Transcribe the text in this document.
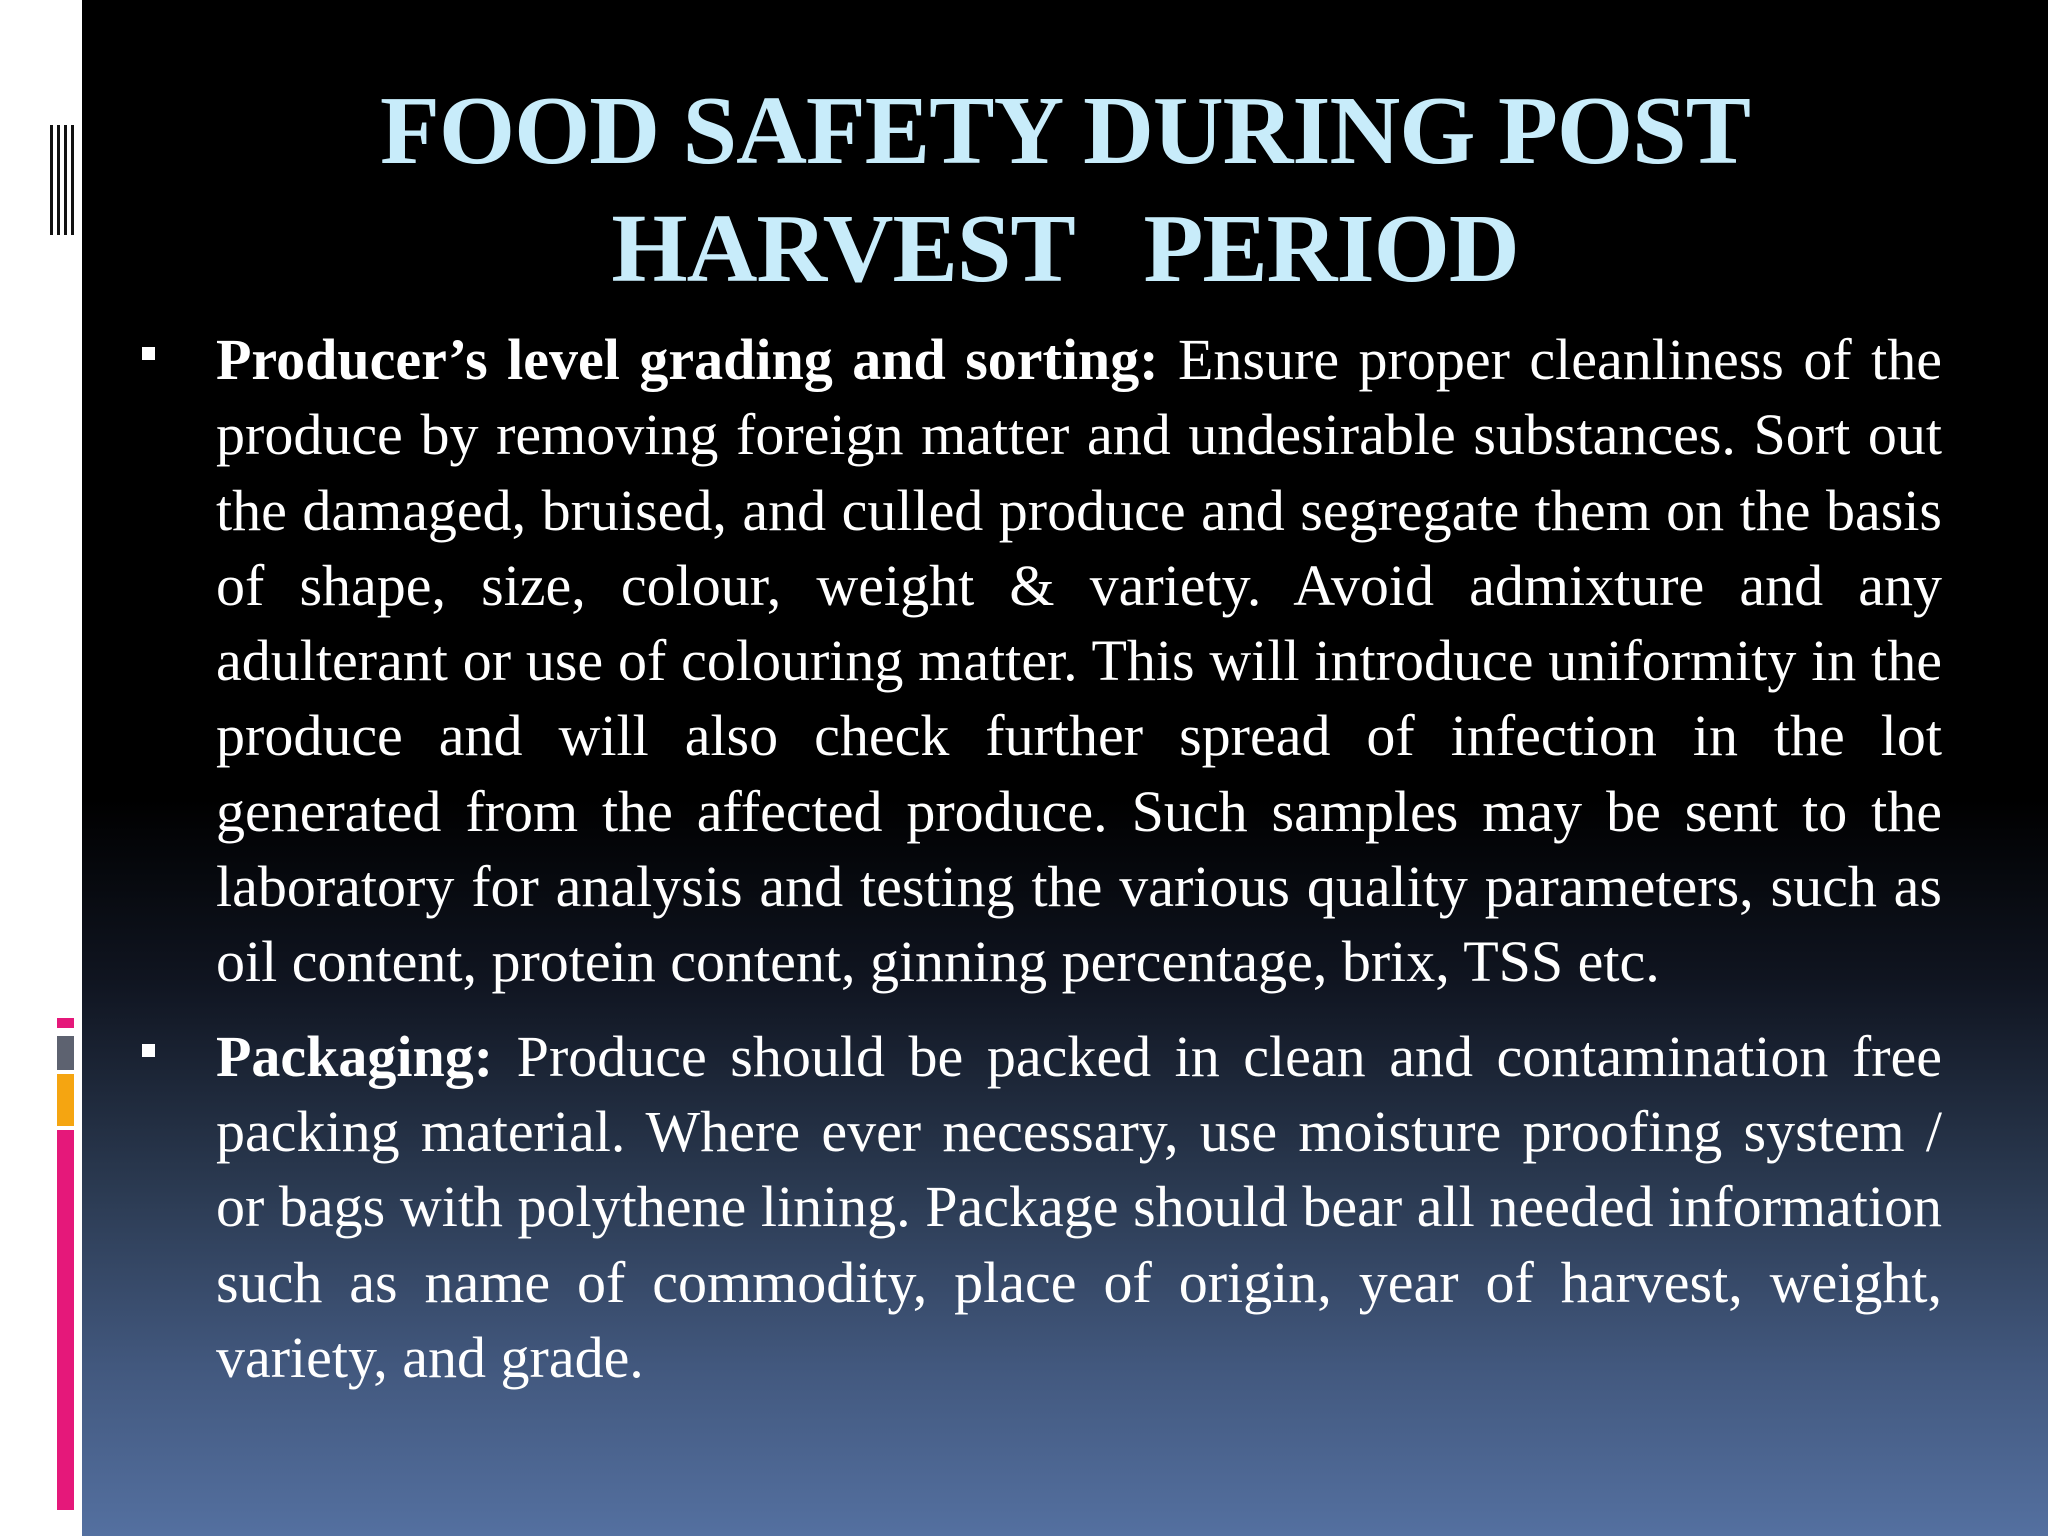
FOOD SAFETY DURING POST
HARVEST   PERIOD
Producer’s level grading and sorting: Ensure proper cleanliness of the produce by removing foreign matter and undesirable substances. Sort out the damaged, bruised, and culled produce and segregate them on the basis of shape, size, colour, weight & variety. Avoid admixture and any adulterant or use of colouring matter. This will introduce uniformity in the produce and will also check further spread of infection in the lot generated from the affected produce. Such samples may be sent to the laboratory for analysis and testing the various quality parameters, such as oil content, protein content, ginning percentage, brix, TSS etc.
Packaging: Produce should be packed in clean and contamination free packing material. Where ever necessary, use moisture proofing system / or bags with polythene lining. Package should bear all needed information such as name of commodity, place of origin, year of harvest, weight, variety, and grade.
